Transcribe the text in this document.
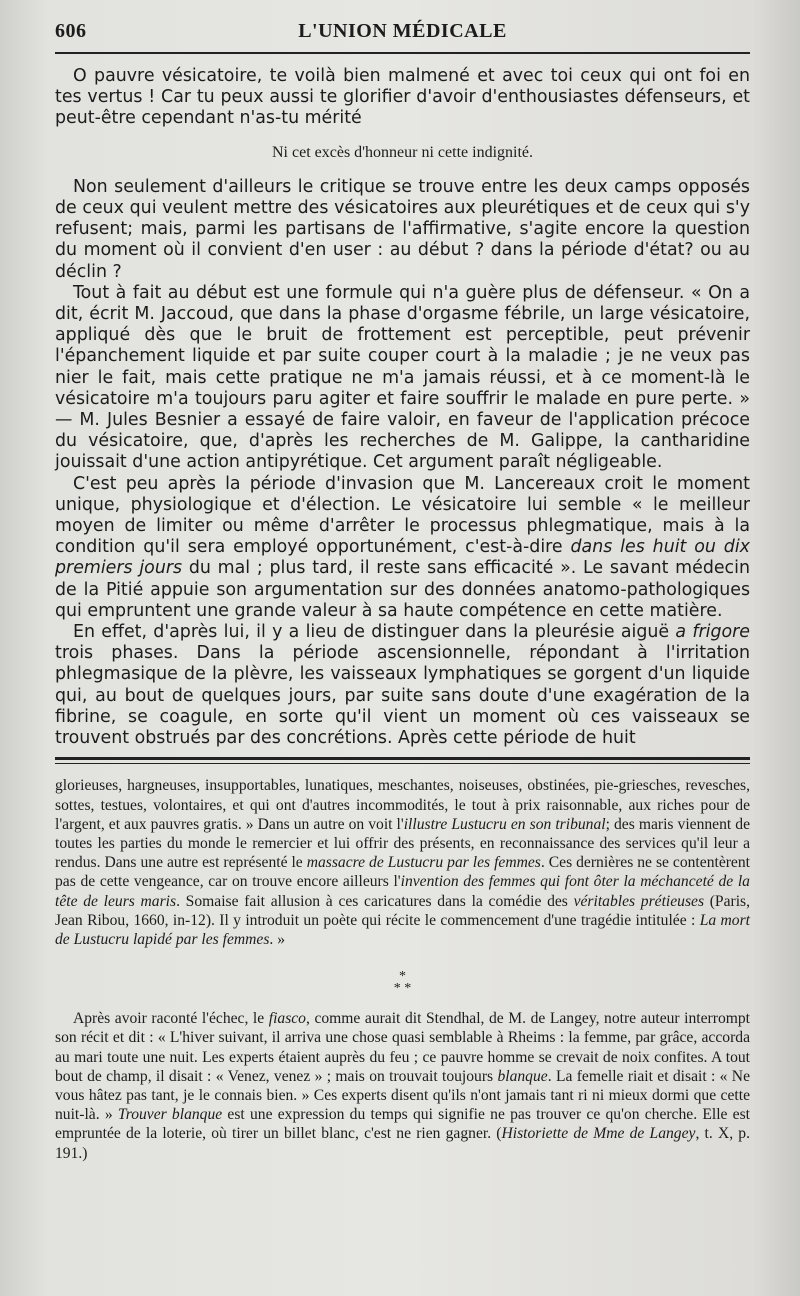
606	L'UNION MÉDICALE

O pauvre vésicatoire, te voilà bien malmené et avec toi ceux qui ont foi en tes vertus ! Car tu peux aussi te glorifier d'avoir d'enthousiastes défenseurs, et peut-être cependant n'as-tu mérité

Ni cet excès d'honneur ni cette indignité.

Non seulement d'ailleurs le critique se trouve entre les deux camps opposés de ceux qui veulent mettre des vésicatoires aux pleurétiques et de ceux qui s'y refusent; mais, parmi les partisans de l'affirmative, s'agite encore la question du moment où il convient d'en user : au début ? dans la période d'état? ou au déclin ?

Tout à fait au début est une formule qui n'a guère plus de défenseur. « On a dit, écrit M. Jaccoud, que dans la phase d'orgasme fébrile, un large vésicatoire, appliqué dès que le bruit de frottement est perceptible, peut prévenir l'épanchement liquide et par suite couper court à la maladie ; je ne veux pas nier le fait, mais cette pratique ne m'a jamais réussi, et à ce moment-là le vésicatoire m'a toujours paru agiter et faire souffrir le malade en pure perte. » — M. Jules Besnier a essayé de faire valoir, en faveur de l'application précoce du vésicatoire, que, d'après les recherches de M. Galippe, la cantharidine jouissait d'une action antipyrétique. Cet argument paraît négligeable.

C'est peu après la période d'invasion que M. Lancereaux croit le moment unique, physiologique et d'élection. Le vésicatoire lui semble « le meilleur moyen de limiter ou même d'arrêter le processus phlegmatique, mais à la condition qu'il sera employé opportunément, c'est-à-dire dans les huit ou dix premiers jours du mal ; plus tard, il reste sans efficacité ». Le savant médecin de la Pitié appuie son argumentation sur des données anatomo-pathologiques qui empruntent une grande valeur à sa haute compétence en cette matière.

En effet, d'après lui, il y a lieu de distinguer dans la pleurésie aiguë a frigore trois phases. Dans la période ascensionnelle, répondant à l'irritation phlegmasique de la plèvre, les vaisseaux lymphatiques se gorgent d'un liquide qui, au bout de quelques jours, par suite sans doute d'une exagération de la fibrine, se coagule, en sorte qu'il vient un moment où ces vaisseaux se trouvent obstrués par des concrétions. Après cette période de huit

glorieuses, hargneuses, insupportables, lunatiques, meschantes, noiseuses, obstinées, pie-griesches, revesches, sottes, testues, volontaires, et qui ont d'autres incommodités, le tout à prix raisonnable, aux riches pour de l'argent, et aux pauvres gratis. » Dans un autre on voit l'illustre Lustucru en son tribunal; des maris viennent de toutes les parties du monde le remercier et lui offrir des présents, en reconnaissance des services qu'il leur a rendus. Dans une autre est représenté le massacre de Lustucru par les femmes. Ces dernières ne se contentèrent pas de cette vengeance, car on trouve encore ailleurs l'invention des femmes qui font ôter la méchanceté de la tête de leurs maris. Somaise fait allusion à ces caricatures dans la comédie des véritables prétieuses (Paris, Jean Ribou, 1660, in-12). Il y introduit un poète qui récite le commencement d'une tragédie intitulée : La mort de Lustucru lapidé par les femmes. »

*
* *

Après avoir raconté l'échec, le fiasco, comme aurait dit Stendhal, de M. de Langey, notre auteur interrompt son récit et dit : « L'hiver suivant, il arriva une chose quasi semblable à Rheims : la femme, par grâce, accorda au mari toute une nuit. Les experts étaient auprès du feu ; ce pauvre homme se crevait de noix confites. A tout bout de champ, il disait : « Venez, venez » ; mais on trouvait toujours blanque. La femelle riait et disait : « Ne vous hâtez pas tant, je le connais bien. » Ces experts disent qu'ils n'ont jamais tant ri ni mieux dormi que cette nuit-là. » Trouver blanque est une expression du temps qui signifie ne pas trouver ce qu'on cherche. Elle est empruntée de la loterie, où tirer un billet blanc, c'est ne rien gagner. (Historiette de Mme de Langey, t. X, p. 191.)
